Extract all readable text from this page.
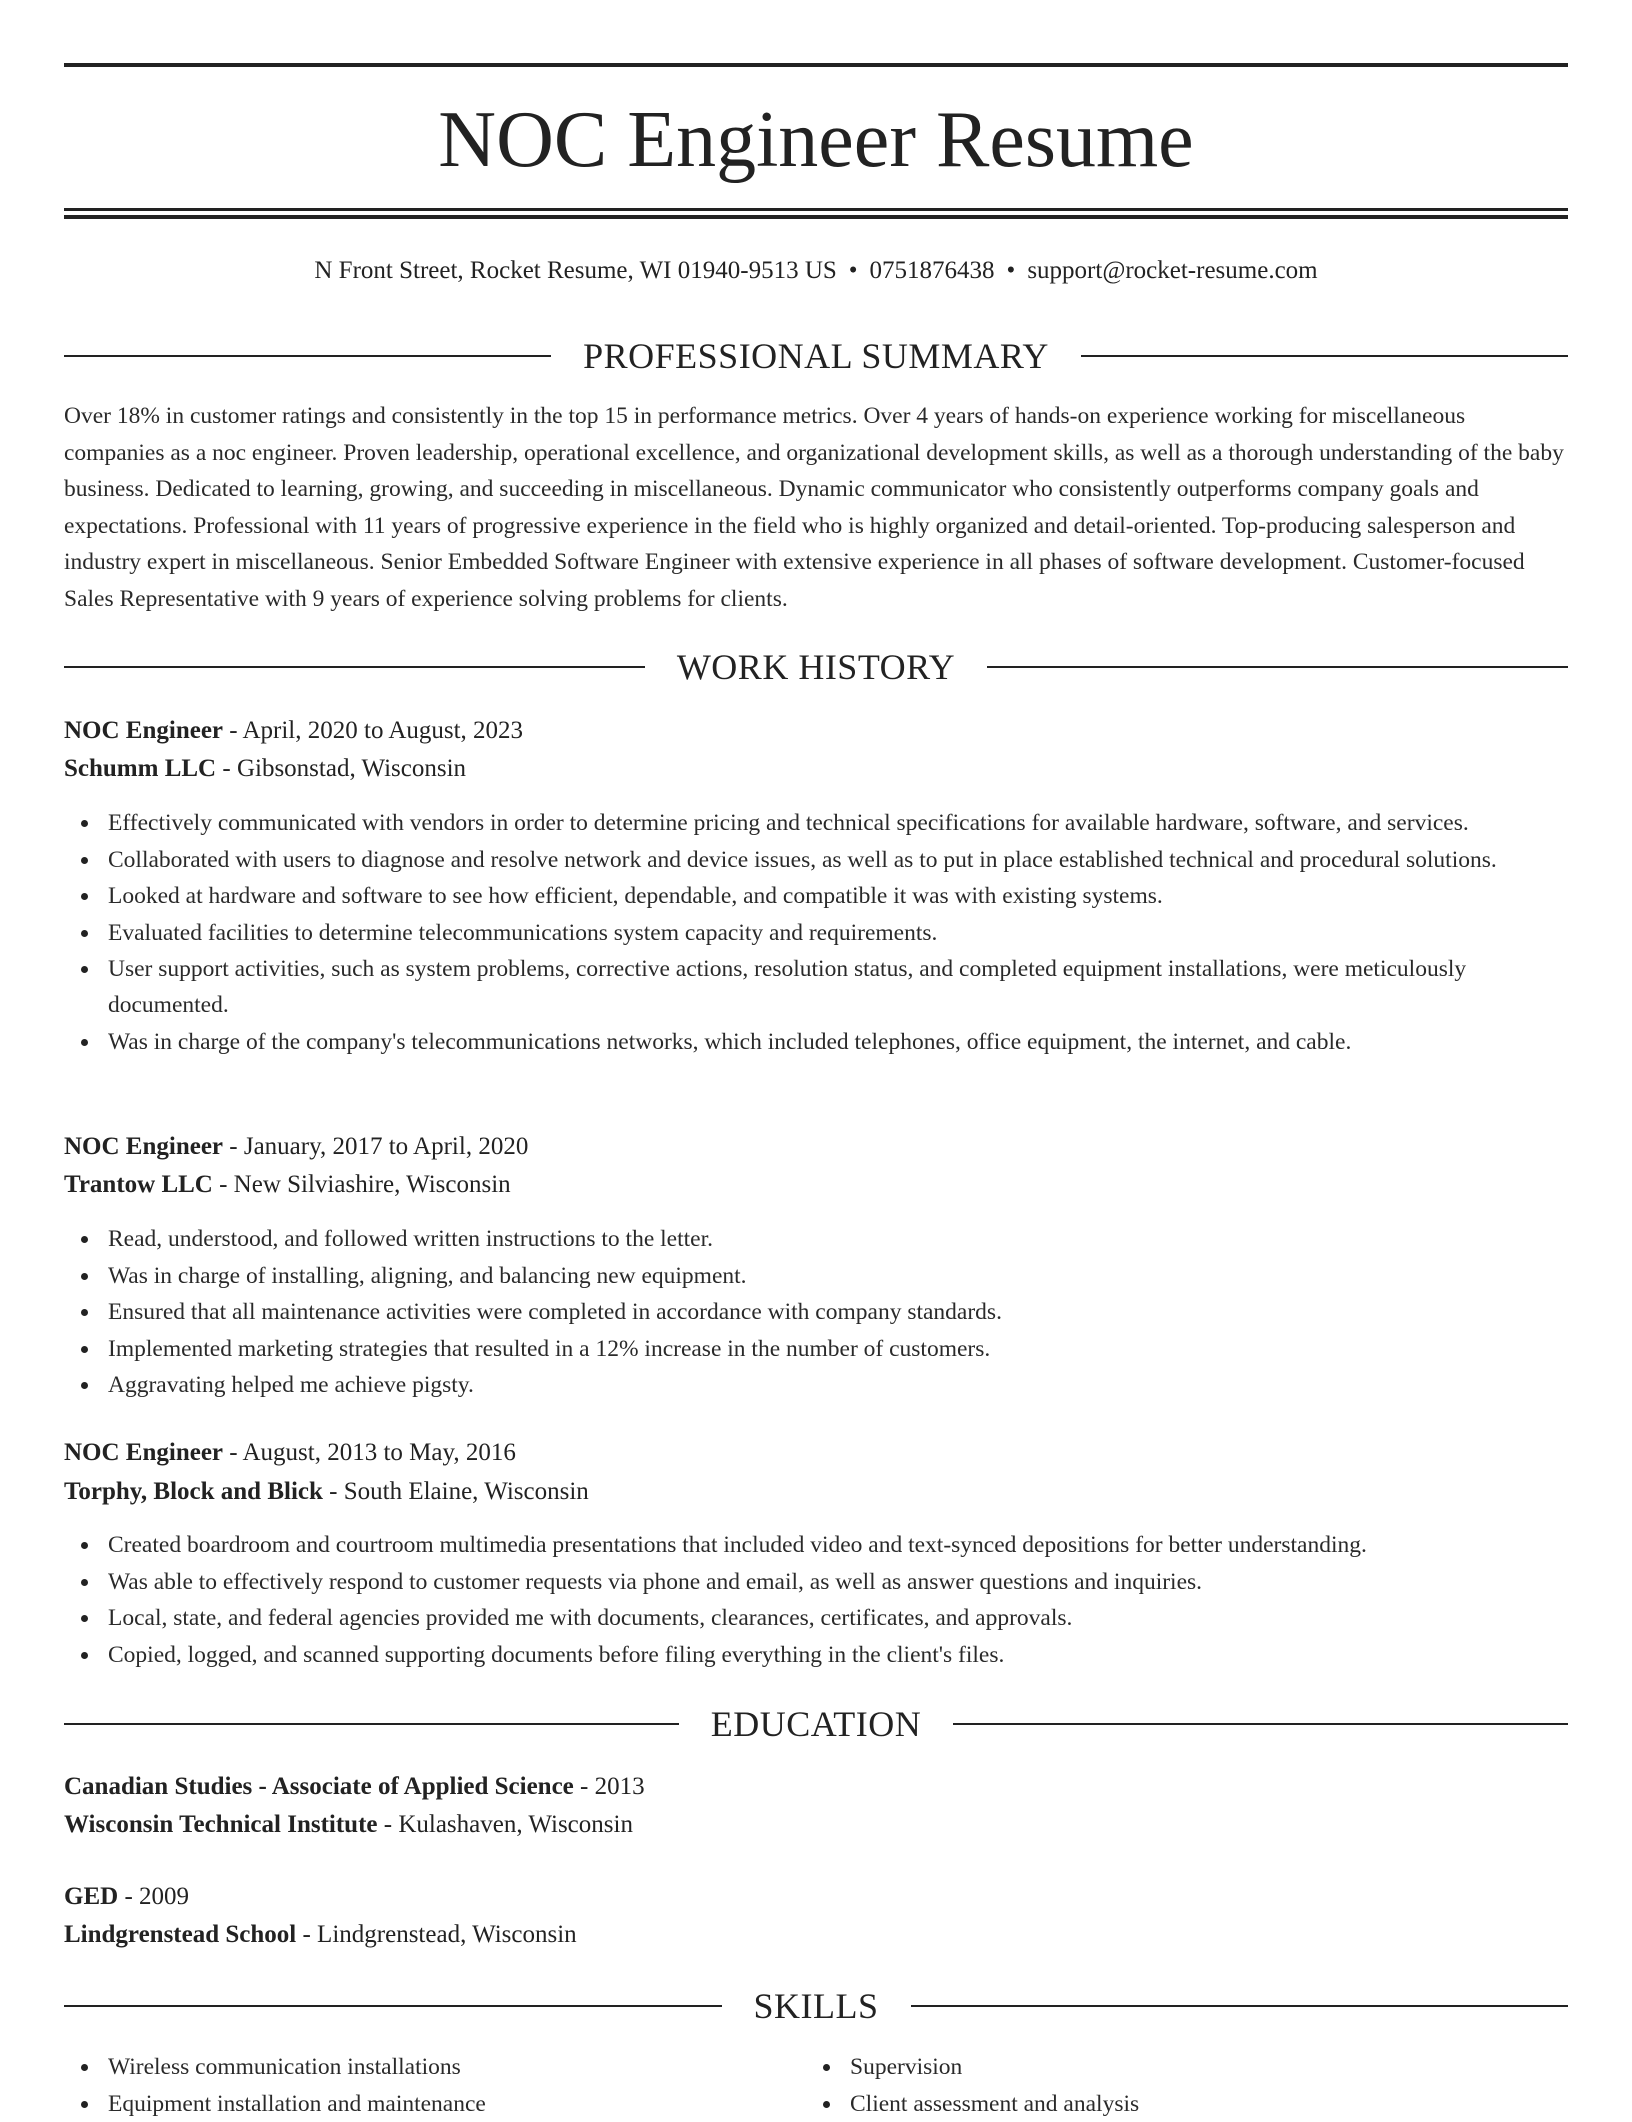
NOC Engineer Resume
N Front Street, Rocket Resume, WI 01940-9513 US • 0751876438 • support@rocket-resume.com
PROFESSIONAL SUMMARY

Over 18% in customer ratings and consistently in the top 15 in performance metrics. Over 4 years of hands-on experience working for miscellaneous companies as a noc engineer. Proven leadership, operational excellence, and organizational development skills, as well as a thorough understanding of the baby business. Dedicated to learning, growing, and succeeding in miscellaneous. Dynamic communicator who consistently outperforms company goals and expectations. Professional with 11 years of progressive experience in the field who is highly organized and detail-oriented. Top-producing salesperson and industry expert in miscellaneous. Senior Embedded Software Engineer with extensive experience in all phases of software development. Customer-focused Sales Representative with 9 years of experience solving problems for clients.

WORK HISTORY
NOC Engineer - April, 2020 to August, 2023
Schumm LLC - Gibsonstad, Wisconsin
Effectively communicated with vendors in order to determine pricing and technical specifications for available hardware, software, and services.
Collaborated with users to diagnose and resolve network and device issues, as well as to put in place established technical and procedural solutions.
Looked at hardware and software to see how efficient, dependable, and compatible it was with existing systems.
Evaluated facilities to determine telecommunications system capacity and requirements.
User support activities, such as system problems, corrective actions, resolution status, and completed equipment installations, were meticulously documented.
Was in charge of the company's telecommunications networks, which included telephones, office equipment, the internet, and cable.
NOC Engineer - January, 2017 to April, 2020
Trantow LLC - New Silviashire, Wisconsin
Read, understood, and followed written instructions to the letter.
Was in charge of installing, aligning, and balancing new equipment.
Ensured that all maintenance activities were completed in accordance with company standards.
Implemented marketing strategies that resulted in a 12% increase in the number of customers.
Aggravating helped me achieve pigsty.
NOC Engineer - August, 2013 to May, 2016
Torphy, Block and Blick - South Elaine, Wisconsin
Created boardroom and courtroom multimedia presentations that included video and text-synced depositions for better understanding.
Was able to effectively respond to customer requests via phone and email, as well as answer questions and inquiries.
Local, state, and federal agencies provided me with documents, clearances, certificates, and approvals.
Copied, logged, and scanned supporting documents before filing everything in the client's files.
EDUCATION
Canadian Studies - Associate of Applied Science - 2013
Wisconsin Technical Institute - Kulashaven, Wisconsin
GED - 2009
Lindgrenstead School - Lindgrenstead, Wisconsin
SKILLS
Wireless communication installations
Equipment installation and maintenance
Supervision
Client assessment and analysis
